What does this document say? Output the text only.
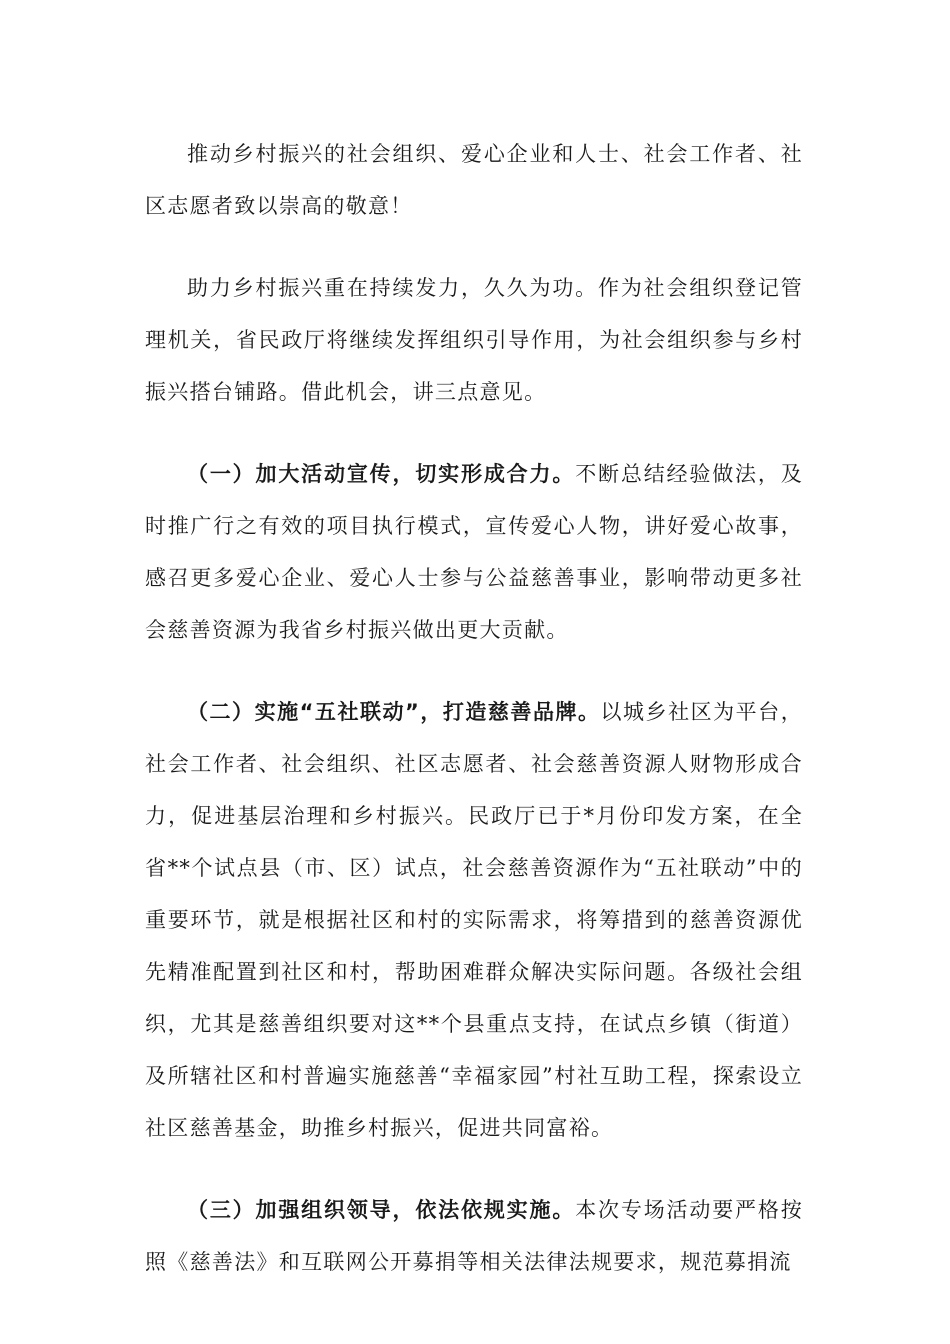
推动乡村振兴的社会组织、爱心企业和人士、社会工作者、社区志愿者致以崇高的敬意！

助力乡村振兴重在持续发力，久久为功。作为社会组织登记管理机关，省民政厅将继续发挥组织引导作用，为社会组织参与乡村振兴搭台铺路。借此机会，讲三点意见。

（一）加大活动宣传，切实形成合力。不断总结经验做法，及时推广行之有效的项目执行模式，宣传爱心人物，讲好爱心故事，感召更多爱心企业、爱心人士参与公益慈善事业，影响带动更多社会慈善资源为我省乡村振兴做出更大贡献。

（二）实施“五社联动”，打造慈善品牌。以城乡社区为平台，社会工作者、社会组织、社区志愿者、社会慈善资源人财物形成合力，促进基层治理和乡村振兴。民政厅已于*月份印发方案，在全省**个试点县（市、区）试点，社会慈善资源作为“五社联动”中的重要环节，就是根据社区和村的实际需求，将筹措到的慈善资源优先精准配置到社区和村，帮助困难群众解决实际问题。各级社会组织，尤其是慈善组织要对这**个县重点支持，在试点乡镇（街道）及所辖社区和村普遍实施慈善“幸福家园”村社互助工程，探索设立社区慈善基金，助推乡村振兴，促进共同富裕。

（三）加强组织领导，依法依规实施。本次专场活动要严格按照《慈善法》和互联网公开募捐等相关法律法规要求，规范募捐流
